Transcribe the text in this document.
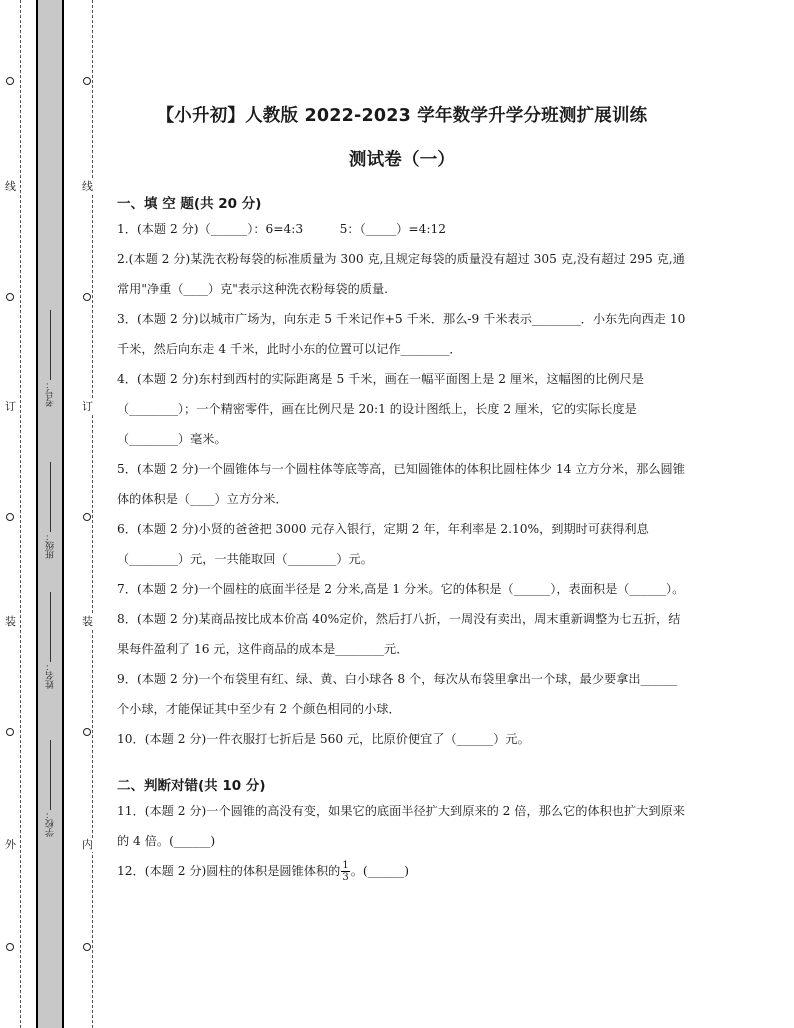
线
订
装
外
线
订
装
内
考号：
班级：
姓名：
学校：
【小升初】人教版 2022-2023 学年数学升学分班测扩展训练
测试卷（一）
一、填 空 题(共 20 分)

1．(本题 2 分)（______）：6=4:3　　　5：（_____）=4:12

2.(本题 2 分)某洗衣粉每袋的标准质量为 300 克,且规定每袋的质量没有超过 305 克,没有超过 295 克,通常用"净重（____）克"表示这种洗衣粉每袋的质量.

3．(本题 2 分)以城市广场为，向东走 5 千米记作+5 千米．那么-9 千米表示________．小东先向西走 10 千米，然后向东走 4 千米，此时小东的位置可以记作________．

4．(本题 2 分)东村到西村的实际距离是 5 千米，画在一幅平面图上是 2 厘米，这幅图的比例尺是（________）；一个精密零件，画在比例尺是 20:1 的设计图纸上，长度 2 厘米，它的实际长度是（________）毫米。

5．(本题 2 分)一个圆锥体与一个圆柱体等底等高，已知圆锥体的体积比圆柱体少 14 立方分米，那么圆锥体的体积是（____）立方分米．

6．(本题 2 分)小贤的爸爸把 3000 元存入银行，定期 2 年，年利率是 2.10%，到期时可获得利息（________）元，一共能取回（________）元。

7．(本题 2 分)一个圆柱的底面半径是 2 分米,高是 1 分米。它的体积是（______），表面积是（______）。

8．(本题 2 分)某商品按比成本价高 40%定价，然后打八折，一周没有卖出，周末重新调整为七五折，结果每件盈利了 16 元，这件商品的成本是________元．

9．(本题 2 分)一个布袋里有红、绿、黄、白小球各 8 个，每次从布袋里拿出一个球，最少要拿出______个小球，才能保证其中至少有 2 个颜色相同的小球．

10．(本题 2 分)一件衣服打七折后是 560 元，比原价便宜了（______）元。

二、判断对错(共 10 分)

11．(本题 2 分)一个圆锥的高没有变，如果它的底面半径扩大到原来的 2 倍，那么它的体积也扩大到原来的 4 倍。(______)

12．(本题 2 分)圆柱的体积是圆锥体积的 $\frac{1}{3}$ 。(______)
